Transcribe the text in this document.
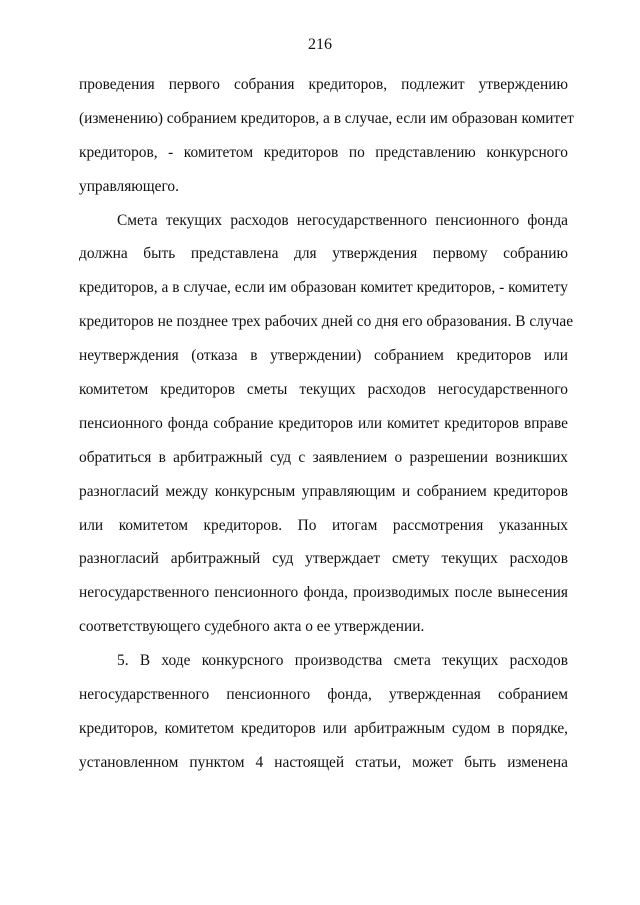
216
проведения первого собрания кредиторов, подлежит утверждению
(изменению) собранием кредиторов, а в случае, если им образован комитет
кредиторов, - комитетом кредиторов по представлению конкурсного
управляющего.
Смета текущих расходов негосударственного пенсионного фонда
должна быть представлена для утверждения первому собранию
кредиторов, а в случае, если им образован комитет кредиторов, - комитету
кредиторов не позднее трех рабочих дней со дня его образования. В случае
неутверждения (отказа в утверждении) собранием кредиторов или
комитетом кредиторов сметы текущих расходов негосударственного
пенсионного фонда собрание кредиторов или комитет кредиторов вправе
обратиться в арбитражный суд с заявлением о разрешении возникших
разногласий между конкурсным управляющим и собранием кредиторов
или комитетом кредиторов. По итогам рассмотрения указанных
разногласий арбитражный суд утверждает смету текущих расходов
негосударственного пенсионного фонда, производимых после вынесения
соответствующего судебного акта о ее утверждении.
5. В ходе конкурсного производства смета текущих расходов
негосударственного пенсионного фонда, утвержденная собранием
кредиторов, комитетом кредиторов или арбитражным судом в порядке,
установленном пунктом 4 настоящей статьи, может быть изменена
